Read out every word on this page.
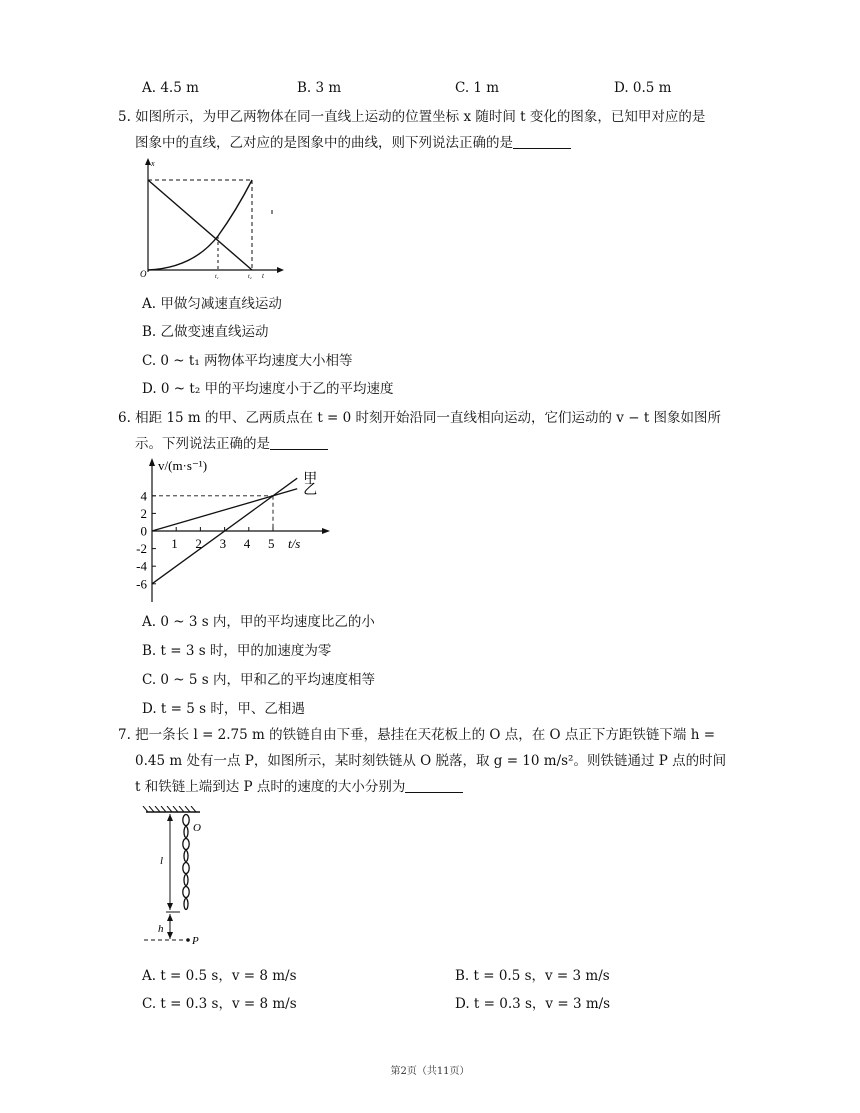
A. 4.5 m	B. 3 m	C. 1 m	D. 0.5 m
5. 如图所示，为甲乙两物体在同一直线上运动的位置坐标 x 随时间 t 变化的图象，已知甲对应的是
图象中的直线，乙对应的是图象中的曲线，则下列说法正确的是
x
O	t₁	t₂ t
A. 甲做匀减速直线运动
B. 乙做变速直线运动
C. 0 ~ t₁ 两物体平均速度大小相等
D. 0 ~ t₂ 甲的平均速度小于乙的平均速度
6. 相距 15 m 的甲、乙两质点在 t = 0 时刻开始沿同一直线相向运动，它们运动的 v − t 图象如图所
示。下列说法正确的是
4
2
0
-2
-4
-6
1 2 3 4 5
甲
乙
v/(m·s⁻¹)
t/s
A. 0 ~ 3 s 内，甲的平均速度比乙的小
B. t = 3 s 时，甲的加速度为零
C. 0 ~ 5 s 内，甲和乙的平均速度相等
D. t = 5 s 时，甲、乙相遇
7. 把一条长 l = 2.75 m 的铁链自由下垂，悬挂在天花板上的 O 点，在 O 点正下方距铁链下端 h =
0.45 m 处有一点 P，如图所示，某时刻铁链从 O 脱落，取 g = 10 m/s²。则铁链通过 P 点的时间
t 和铁链上端到达 P 点时的速度的大小分别为
O
l
h
P
A. t = 0.5 s，v = 8 m/s	B. t = 0.5 s，v = 3 m/s
C. t = 0.3 s，v = 8 m/s	D. t = 0.3 s，v = 3 m/s
第2页（共11页）
